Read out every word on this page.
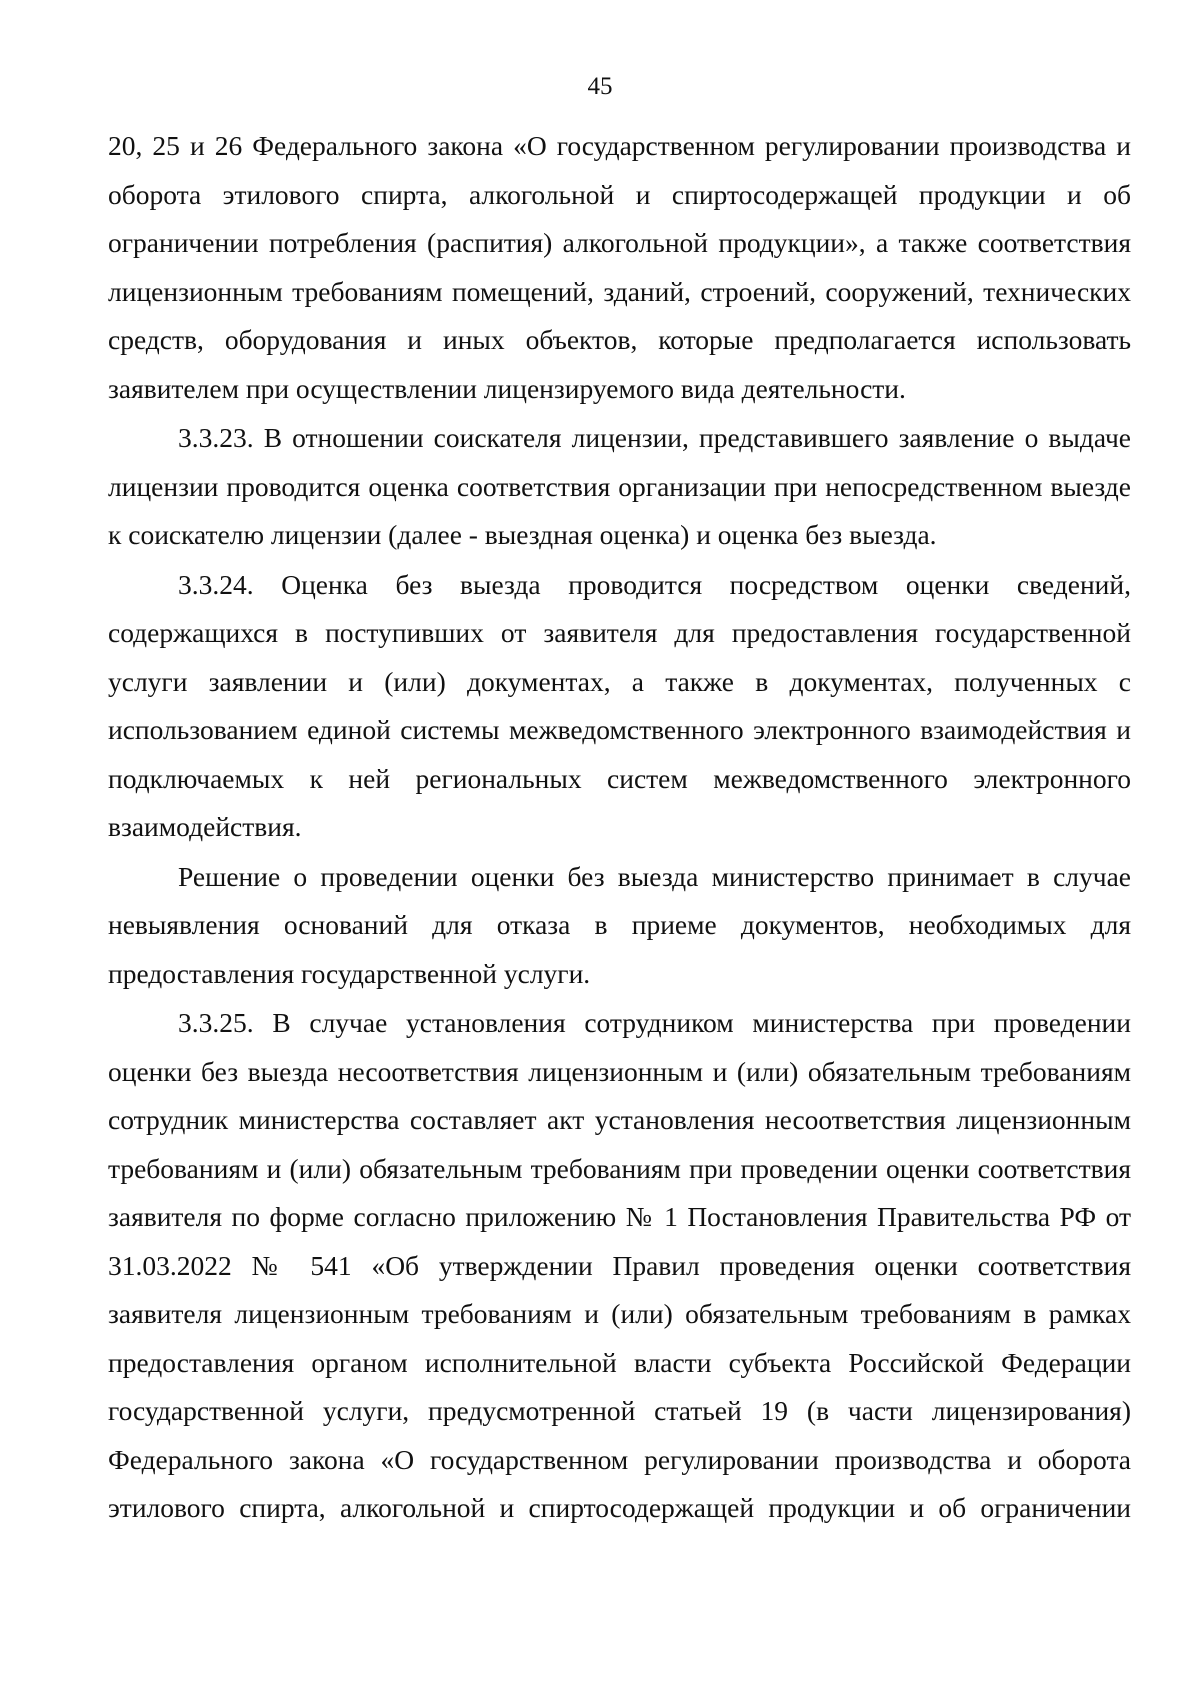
45

20, 25 и 26 Федерального закона «О государственном регулировании производства и оборота этилового спирта, алкогольной и спиртосодержащей продукции и об ограничении потребления (распития) алкогольной продукции», а также соответствия лицензионным требованиям помещений, зданий, строений, сооружений, технических средств, оборудования и иных объектов, которые предполагается использовать заявителем при осуществлении лицензируемого вида деятельности.

3.3.23. В отношении соискателя лицензии, представившего заявление о выдаче лицензии проводится оценка соответствия организации при непосредственном выезде к соискателю лицензии (далее - выездная оценка) и оценка без выезда.

3.3.24. Оценка без выезда проводится посредством оценки сведений, содержащихся в поступивших от заявителя для предоставления государственной услуги заявлении и (или) документах, а также в документах, полученных с использованием единой системы межведомственного электронного взаимодействия и подключаемых к ней региональных систем межведомственного электронного взаимодействия.

Решение о проведении оценки без выезда министерство принимает в случае невыявления оснований для отказа в приеме документов, необходимых для предоставления государственной услуги.

3.3.25. В случае установления сотрудником министерства при проведении оценки без выезда несоответствия лицензионным и (или) обязательным требованиям сотрудник министерства составляет акт установления несоответствия лицензионным требованиям и (или) обязательным требованиям при проведении оценки соответствия заявителя по форме согласно приложению № 1 Постановления Правительства РФ от 31.03.2022 № 541 «Об утверждении Правил проведения оценки соответствия заявителя лицензионным требованиям и (или) обязательным требованиям в рамках предоставления органом исполнительной власти субъекта Российской Федерации государственной услуги, предусмотренной статьей 19 (в части лицензирования) Федерального закона «О государственном регулировании производства и оборота этилового спирта, алкогольной и спиртосодержащей продукции и об ограничении
